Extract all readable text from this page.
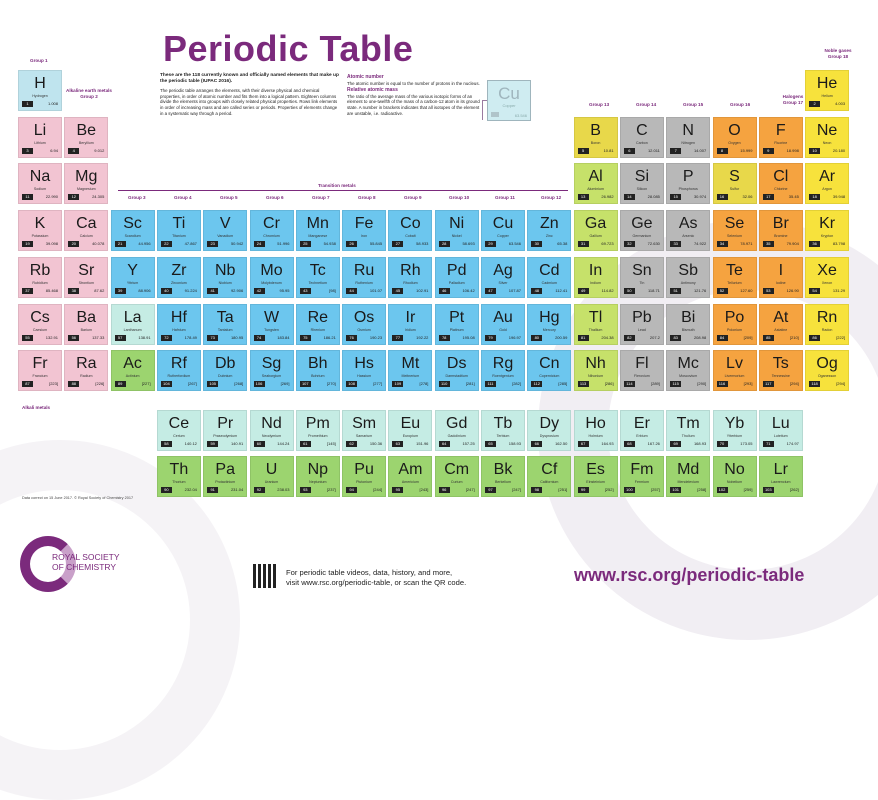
Periodic Table
These are the 118 currently known and officially named elements that make up the periodic table (IUPAC 2016).
The periodic table arranges the elements, with their diverse physical and chemical properties, in order of atomic number and fits them into a logical pattern. Eighteen columns divide the elements into groups with closely related physical properties. Rows link elements in order of increasing mass and are called series or periods. Properties of elements change in a systematic way through a period.
Atomic number
The atomic number is equal to the number of protons in the nucleus.
Relative atomic mass
The ratio of the average mass of the various isotopic forms of an element to one-twelfth of the mass of a carbon-12 atom in its ground state. A number in brackets indicates that all isotopes of the element are unstable, i.e. radioactive.
Cu
Copper
63.546
Group 1
Alkaline earth metals Group 2
Group 13	Group 14	Group 15	Group 16
Halogens Group 17
Noble gases Group 18
Transition metals
Group 3	Group 4	Group 5	Group 6	Group 7	Group 8	Group 9	Group 10	Group 11	Group 12
Alkali metals
Data correct on 15 June 2017. © Royal Society of Chemistry 2017
H
Hydrogen
1	1.008
He
Helium
2	4.003
Li
Lithium
3	6.94
Be
Beryllium
4	9.012
B
Boron
5	10.81
C
Carbon
6	12.011
N
Nitrogen
7	14.007
O
Oxygen
8	15.999
F
Fluorine
9	18.998
Ne
Neon
10	20.180
Na
Sodium
11	22.990
Mg
Magnesium
12	24.305
Al
Aluminium
13	26.982
Si
Silicon
14	28.085
P
Phosphorus
15	30.974
S
Sulfur
16	32.06
Cl
Chlorine
17	35.45
Ar
Argon
18	39.948
K
Potassium
19	39.098
Ca
Calcium
20	40.078
Sc
Scandium
21	44.956
Ti
Titanium
22	47.867
V
Vanadium
23	50.942
Cr
Chromium
24	51.996
Mn
Manganese
25	54.938
Fe
Iron
26	55.845
Co
Cobalt
27	58.933
Ni
Nickel
28	58.693
Cu
Copper
29	63.546
Zn
Zinc
30	65.38
Ga
Gallium
31	69.723
Ge
Germanium
32	72.630
As
Arsenic
33	74.922
Se
Selenium
34	78.971
Br
Bromine
35	79.904
Kr
Krypton
36	83.798
Rb
Rubidium
37	85.468
Sr
Strontium
38	87.62
Y
Yttrium
39	88.906
Zr
Zirconium
40	91.224
Nb
Niobium
41	92.906
Mo
Molybdenum
42	95.95
Tc
Technetium
43	[98]
Ru
Ruthenium
44	101.07
Rh
Rhodium
45	102.91
Pd
Palladium
46	106.42
Ag
Silver
47	107.87
Cd
Cadmium
48	112.41
In
Indium
49	114.82
Sn
Tin
50	118.71
Sb
Antimony
51	121.76
Te
Tellurium
52	127.60
I
Iodine
53	126.90
Xe
Xenon
54	131.29
Cs
Caesium
55	132.91
Ba
Barium
56	137.33
La
Lanthanum
57	138.91
Hf
Hafnium
72	178.49
Ta
Tantalum
73	180.95
W
Tungsten
74	183.84
Re
Rhenium
75	186.21
Os
Osmium
76	190.23
Ir
Iridium
77	192.22
Pt
Platinum
78	195.08
Au
Gold
79	196.97
Hg
Mercury
80	200.59
Tl
Thallium
81	204.38
Pb
Lead
82	207.2
Bi
Bismuth
83	208.98
Po
Polonium
84	[209]
At
Astatine
85	[210]
Rn
Radon
86	[222]
Fr
Francium
87	[223]
Ra
Radium
88	[226]
Ac
Actinium
89	[227]
Rf
Rutherfordium
104	[267]
Db
Dubnium
105	[268]
Sg
Seaborgium
106	[269]
Bh
Bohrium
107	[270]
Hs
Hassium
108	[277]
Mt
Meitnerium
109	[278]
Ds
Darmstadtium
110	[281]
Rg
Roentgenium
111	[282]
Cn
Copernicium
112	[285]
Nh
Nihonium
113	[286]
Fl
Flerovium
114	[289]
Mc
Moscovium
115	[290]
Lv
Livermorium
116	[293]
Ts
Tennessine
117	[294]
Og
Oganesson
118	[294]
Ce
Cerium
58	140.12
Pr
Praseodymium
59	140.91
Nd
Neodymium
60	144.24
Pm
Promethium
61	[145]
Sm
Samarium
62	150.36
Eu
Europium
63	151.96
Gd
Gadolinium
64	157.25
Tb
Terbium
65	158.93
Dy
Dysprosium
66	162.50
Ho
Holmium
67	164.93
Er
Erbium
68	167.26
Tm
Thulium
69	168.93
Yb
Ytterbium
70	173.05
Lu
Lutetium
71	174.97
Th
Thorium
90	232.04
Pa
Protactinium
91	231.04
U
Uranium
92	238.03
Np
Neptunium
93	[237]
Pu
Plutonium
94	[244]
Am
Americium
95	[243]
Cm
Curium
96	[247]
Bk
Berkelium
97	[247]
Cf
Californium
98	[251]
Es
Einsteinium
99	[252]
Fm
Fermium
100	[257]
Md
Mendelevium
101	[258]
No
Nobelium
102	[259]
Lr
Lawrencium
103	[262]
ROYAL SOCIETY
OF CHEMISTRY
For periodic table videos, data, history, and more,
visit www.rsc.org/periodic-table, or scan the QR code.	www.rsc.org/periodic-table
